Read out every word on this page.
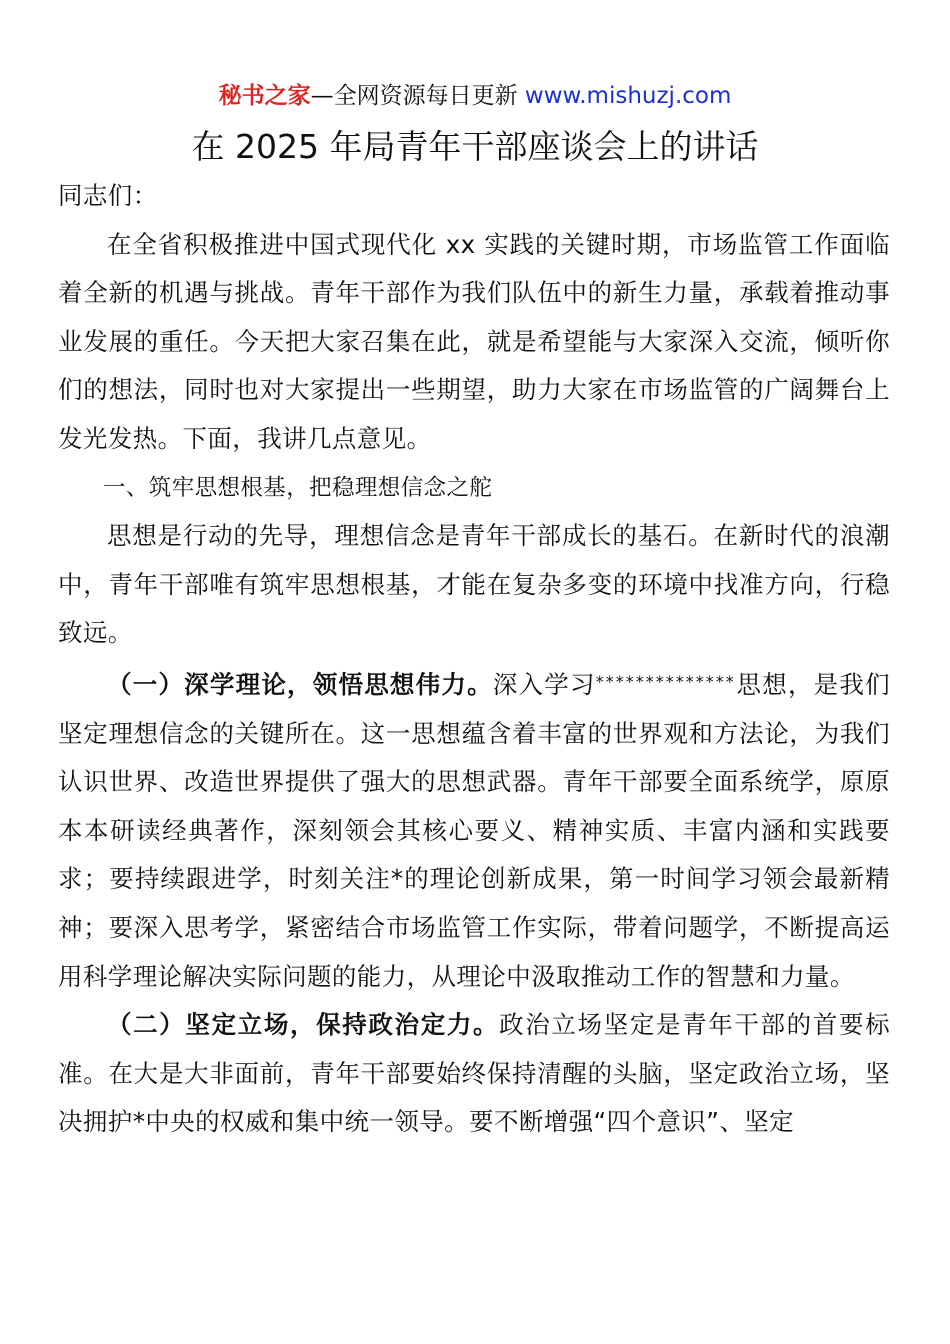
秘书之家—全网资源每日更新 www.mishuzj.com
在 2025 年局青年干部座谈会上的讲话

同志们：

在全省积极推进中国式现代化 xx 实践的关键时期，市场监管工作面临着全新的机遇与挑战。青年干部作为我们队伍中的新生力量，承载着推动事业发展的重任。今天把大家召集在此，就是希望能与大家深入交流，倾听你们的想法，同时也对大家提出一些期望，助力大家在市场监管的广阔舞台上发光发热。下面，我讲几点意见。

一、筑牢思想根基，把稳理想信念之舵

思想是行动的先导，理想信念是青年干部成长的基石。在新时代的浪潮中，青年干部唯有筑牢思想根基，才能在复杂多变的环境中找准方向，行稳致远。

（一）深学理论，领悟思想伟力。深入学习**************思想，是我们坚定理想信念的关键所在。这一思想蕴含着丰富的世界观和方法论，为我们认识世界、改造世界提供了强大的思想武器。青年干部要全面系统学，原原本本研读经典著作，深刻领会其核心要义、精神实质、丰富内涵和实践要求；要持续跟进学，时刻关注*的理论创新成果，第一时间学习领会最新精神；要深入思考学，紧密结合市场监管工作实际，带着问题学，不断提高运用科学理论解决实际问题的能力，从理论中汲取推动工作的智慧和力量。

（二）坚定立场，保持政治定力。政治立场坚定是青年干部的首要标准。在大是大非面前，青年干部要始终保持清醒的头脑，坚定政治立场，坚决拥护*中央的权威和集中统一领导。要不断增强“四个意识”、坚定
